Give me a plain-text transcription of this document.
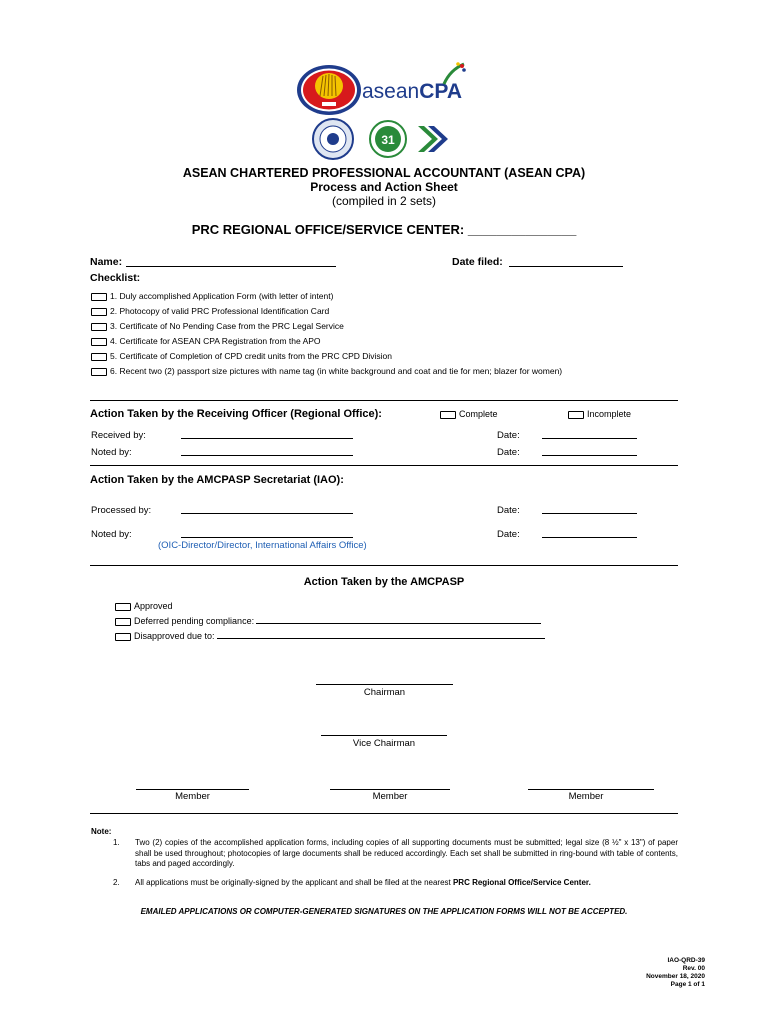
aseanCPA
31
ASEAN CHARTERED PROFESSIONAL ACCOUNTANT (ASEAN CPA)
Process and Action Sheet
(compiled in 2 sets)
PRC REGIONAL OFFICE/SERVICE CENTER: _______________
Name:	Date filed:
Checklist:
1. Duly accomplished Application Form (with letter of intent)
2. Photocopy of valid PRC Professional Identification Card
3. Certificate of No Pending Case from the PRC Legal Service
4. Certificate for ASEAN CPA Registration from the APO
5. Certificate of Completion of CPD credit units from the PRC CPD Division
6. Recent two (2) passport size pictures with name tag (in white background and coat and tie for men; blazer for women)
Action Taken by the Receiving Officer (Regional Office):	Complete	Incomplete
Received by:	Date:
Noted by:	Date:
Action Taken by the AMCPASP Secretariat (IAO):
Processed by:	Date:
Noted by:	Date:
(OIC-Director/Director, International Affairs Office)
Action Taken by the AMCPASP
Approved
Deferred pending compliance:
Disapproved due to:
Chairman
Vice Chairman
Member	Member	Member
Note:
1. Two (2) copies of the accomplished application forms, including copies of all supporting documents must be submitted; legal size (8 ½" x 13") of paper shall be used throughout; photocopies of large documents shall be reduced accordingly. Each set shall be submitted in ring-bound with table of contents, tabs and paged accordingly.
2. All applications must be originally-signed by the applicant and shall be filed at the nearest PRC Regional Office/Service Center.
EMAILED APPLICATIONS OR COMPUTER-GENERATED SIGNATURES ON THE APPLICATION FORMS WILL NOT BE ACCEPTED.
IAO-QRD-39
Rev. 00
November 18, 2020
Page 1 of 1
